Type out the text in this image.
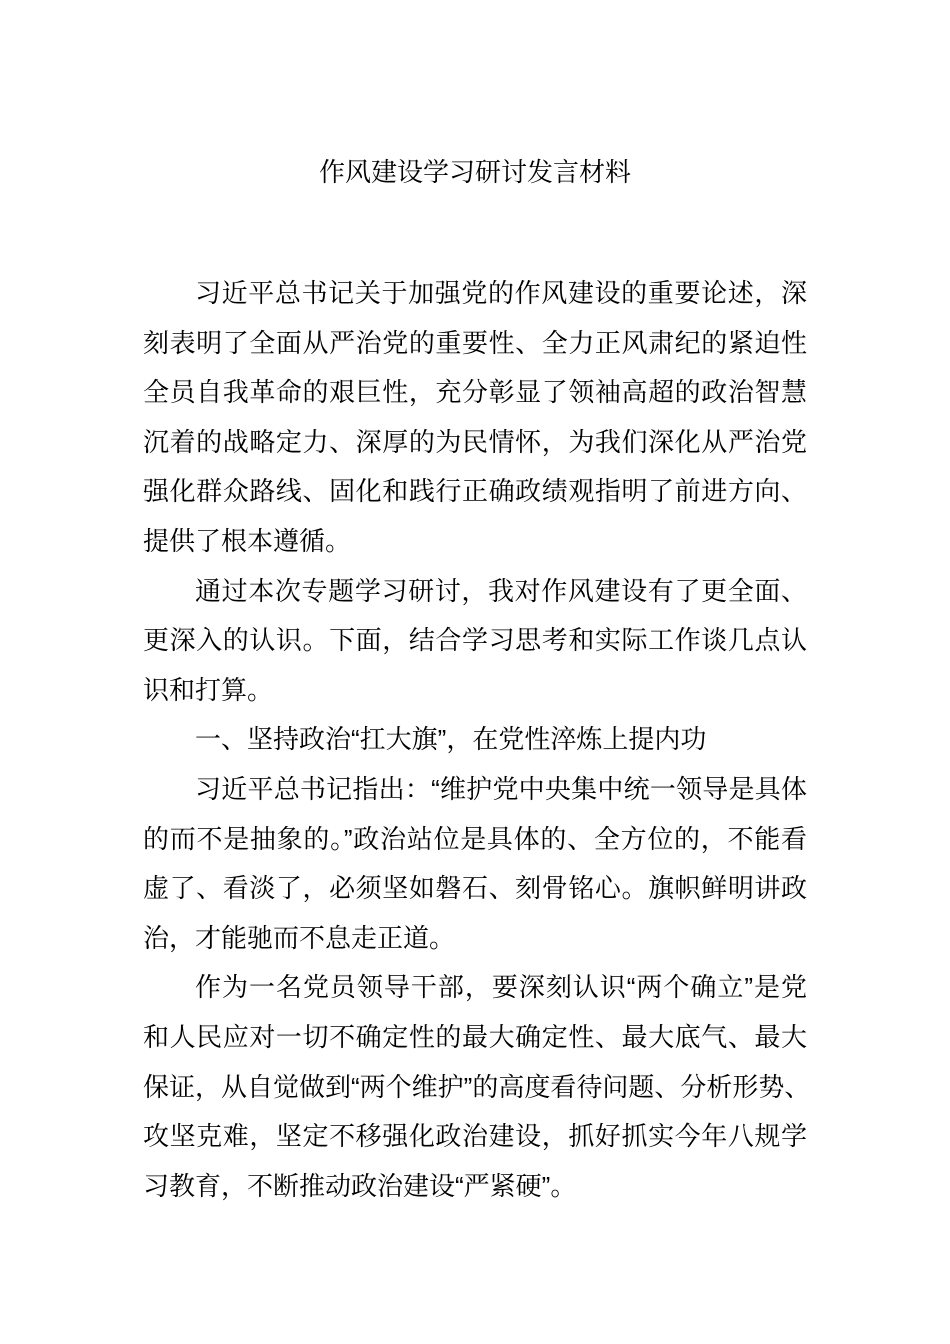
作风建设学习研讨发言材料
习近平总书记关于加强党的作风建设的重要论述，深
刻表明了全面从严治党的重要性、全力正风肃纪的紧迫性
全员自我革命的艰巨性，充分彰显了领袖高超的政治智慧
沉着的战略定力、深厚的为民情怀，为我们深化从严治党
强化群众路线、固化和践行正确政绩观指明了前进方向、
提供了根本遵循。
通过本次专题学习研讨，我对作风建设有了更全面、
更深入的认识。下面，结合学习思考和实际工作谈几点认
识和打算。
一、坚持政治“扛大旗”，在党性淬炼上提内功
习近平总书记指出：“维护党中央集中统一领导是具体
的而不是抽象的。”政治站位是具体的、全方位的，不能看
虚了、看淡了，必须坚如磐石、刻骨铭心。旗帜鲜明讲政
治，才能驰而不息走正道。
作为一名党员领导干部，要深刻认识“两个确立”是党
和人民应对一切不确定性的最大确定性、最大底气、最大
保证，从自觉做到“两个维护”的高度看待问题、分析形势、
攻坚克难，坚定不移强化政治建设，抓好抓实今年八规学
习教育，不断推动政治建设“严紧硬”。
